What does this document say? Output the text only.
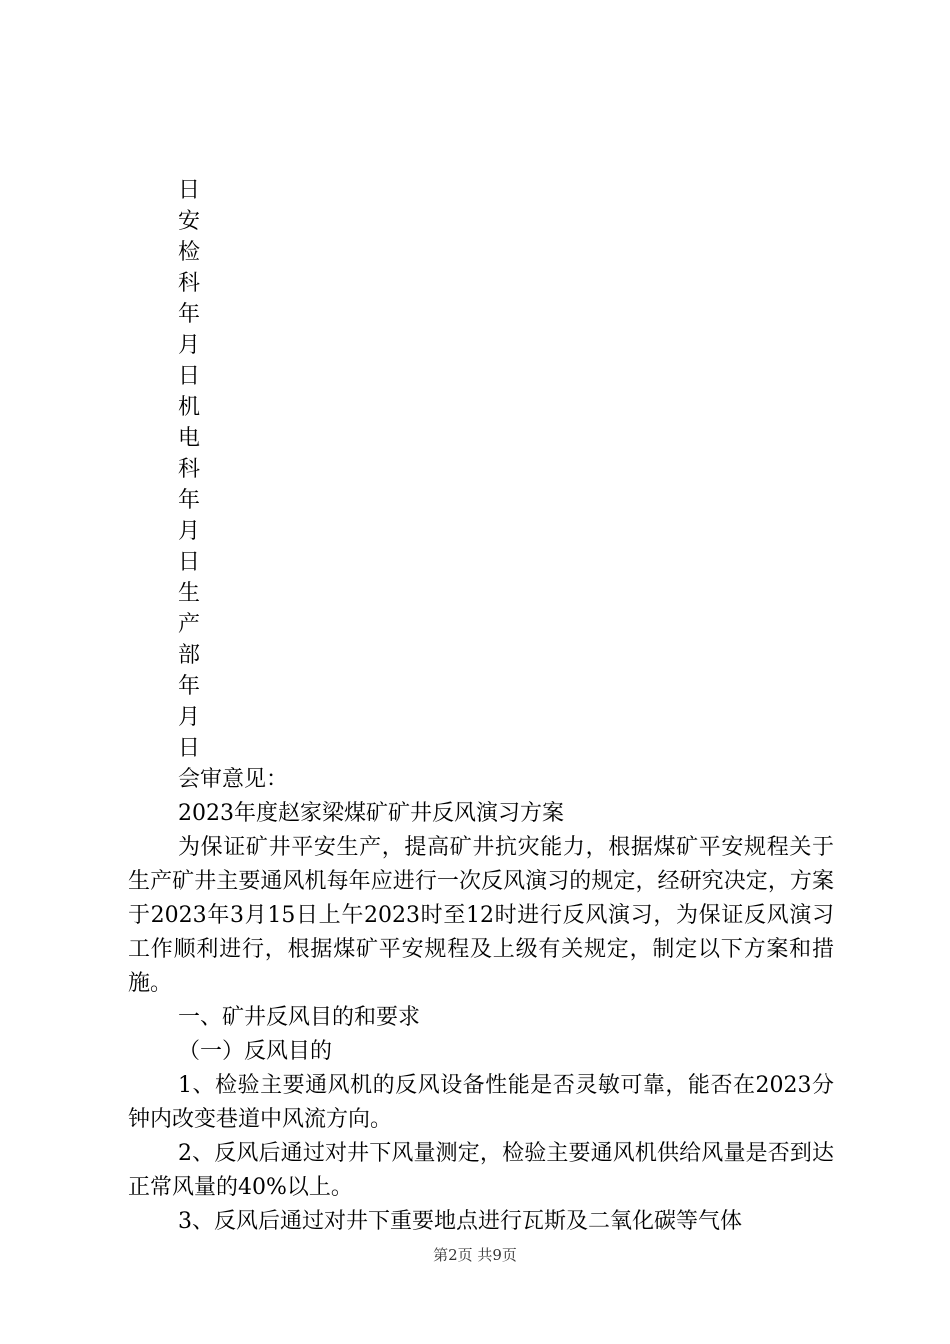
日
安
检
科
年
月
日
机
电
科
年
月
日
生
产
部
年
月
日

会审意见：

2023年度赵家梁煤矿矿井反风演习方案

为保证矿井平安生产，提高矿井抗灾能力，根据煤矿平安规程关于生产矿井主要通风机每年应进行一次反风演习的规定，经研究决定，方案于2023年3月15日上午2023时至12时进行反风演习，为保证反风演习工作顺利进行，根据煤矿平安规程及上级有关规定，制定以下方案和措施。

一、矿井反风目的和要求

（一）反风目的

1、检验主要通风机的反风设备性能是否灵敏可靠，能否在2023分钟内改变巷道中风流方向。

2、反风后通过对井下风量测定，检验主要通风机供给风量是否到达正常风量的40%以上。

3、反风后通过对井下重要地点进行瓦斯及二氧化碳等气体

第2页 共9页
